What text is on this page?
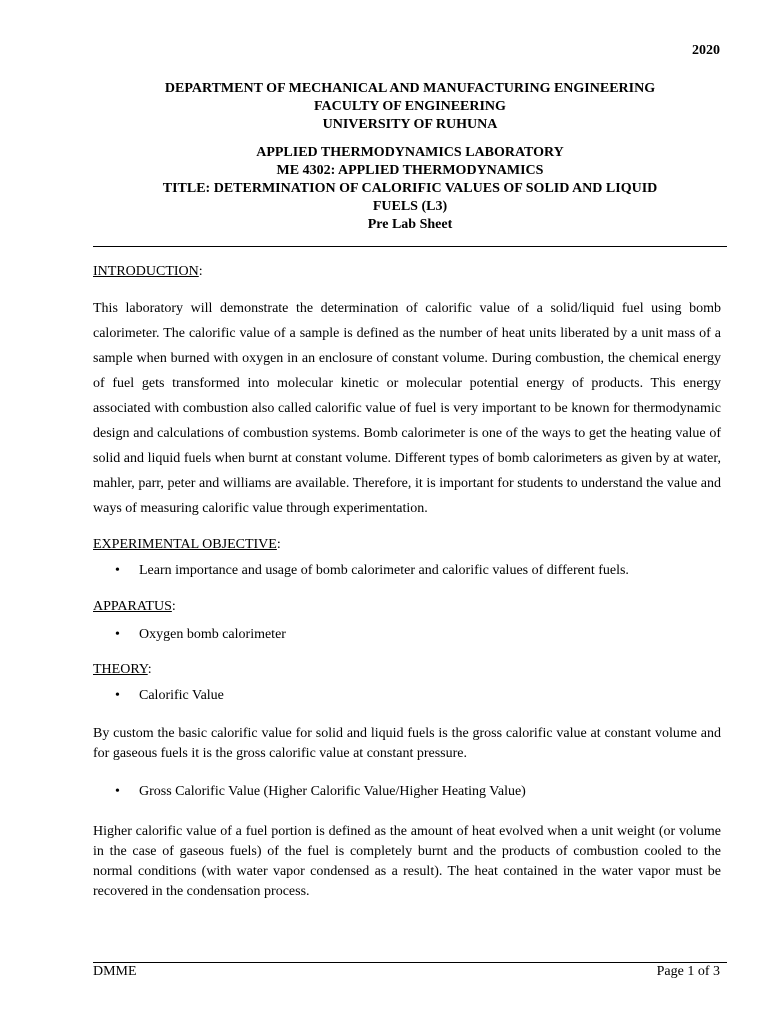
2020
DEPARTMENT OF MECHANICAL AND MANUFACTURING ENGINEERING
FACULTY OF ENGINEERING
UNIVERSITY OF RUHUNA
APPLIED THERMODYNAMICS LABORATORY
ME 4302: APPLIED THERMODYNAMICS
TITLE: DETERMINATION OF CALORIFIC VALUES OF SOLID AND LIQUID
FUELS (L3)
Pre Lab Sheet
INTRODUCTION:

This laboratory will demonstrate the determination of calorific value of a solid/liquid fuel using bomb calorimeter. The calorific value of a sample is defined as the number of heat units liberated by a unit mass of a sample when burned with oxygen in an enclosure of constant volume. During combustion, the chemical energy of fuel gets transformed into molecular kinetic or molecular potential energy of products. This energy associated with combustion also called calorific value of fuel is very important to be known for thermodynamic design and calculations of combustion systems. Bomb calorimeter is one of the ways to get the heating value of solid and liquid fuels when burnt at constant volume. Different types of bomb calorimeters as given by at water, mahler, parr, peter and williams are available. Therefore, it is important for students to understand the value and ways of measuring calorific value through experimentation.

EXPERIMENTAL OBJECTIVE:
• Learn importance and usage of bomb calorimeter and calorific values of different fuels.
APPARATUS:
• Oxygen bomb calorimeter
THEORY:
• Calorific Value

By custom the basic calorific value for solid and liquid fuels is the gross calorific value at constant volume and for gaseous fuels it is the gross calorific value at constant pressure.

• Gross Calorific Value (Higher Calorific Value/Higher Heating Value)

Higher calorific value of a fuel portion is defined as the amount of heat evolved when a unit weight (or volume in the case of gaseous fuels) of the fuel is completely burnt and the products of combustion cooled to the normal conditions (with water vapor condensed as a result). The heat contained in the water vapor must be recovered in the condensation process.

DMME	Page 1 of 3
